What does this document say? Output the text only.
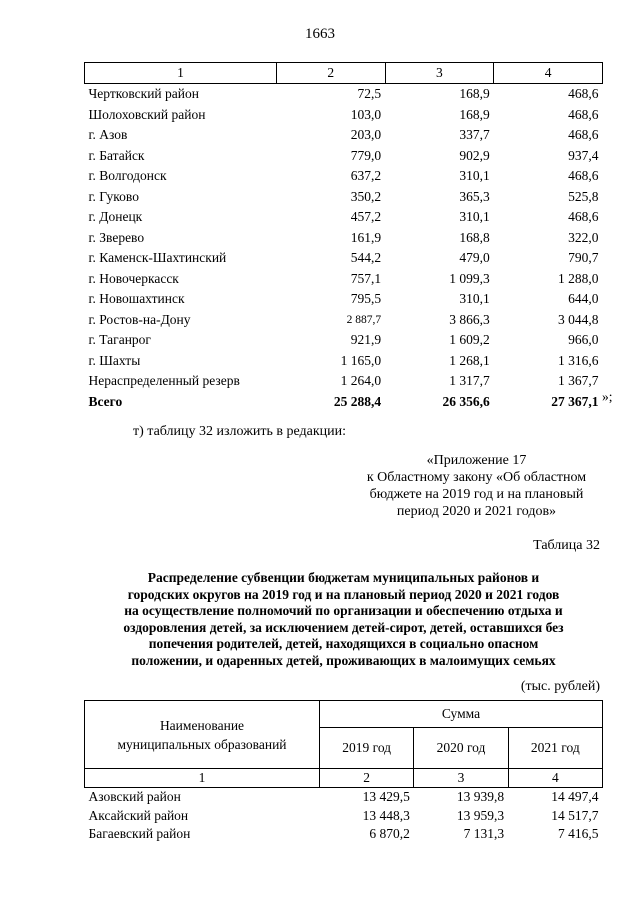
1663
1	2	3	4
Чертковский район	72,5	168,9	468,6
Шолоховский район	103,0	168,9	468,6
г. Азов	203,0	337,7	468,6
г. Батайск	779,0	902,9	937,4
г. Волгодонск	637,2	310,1	468,6
г. Гуково	350,2	365,3	525,8
г. Донецк	457,2	310,1	468,6
г. Зверево	161,9	168,8	322,0
г. Каменск-Шахтинский	544,2	479,0	790,7
г. Новочеркасск	757,1	1 099,3	1 288,0
г. Новошахтинск	795,5	310,1	644,0
г. Ростов-на-Дону	2 887,7	3 866,3	3 044,8
г. Таганрог	921,9	1 609,2	966,0
г. Шахты	1 165,0	1 268,1	1 316,6
Нераспределенный резерв	1 264,0	1 317,7	1 367,7
Всего	25 288,4	26 356,6	27 367,1 »;
т) таблицу 32 изложить в редакции:
«Приложение 17
к Областному закону «Об областном
бюджете на 2019 год и на плановый
период 2020 и 2021 годов»
Таблица 32
Распределение субвенции бюджетам муниципальных районов и
городских округов на 2019 год и на плановый период 2020 и 2021 годов
на осуществление полномочий по организации и обеспечению отдыха и
оздоровления детей, за исключением детей-сирот, детей, оставшихся без
попечения родителей, детей, находящихся в социально опасном
положении, и одаренных детей, проживающих в малоимущих семьях
(тыс. рублей)
Наименование
муниципальных образований	Сумма		
	2019 год	2020 год	2021 год
1	2	3	4
Азовский район	13 429,5	13 939,8	14 497,4
Аксайский район	13 448,3	13 959,3	14 517,7
Багаевский район	6 870,2	7 131,3	7 416,5
